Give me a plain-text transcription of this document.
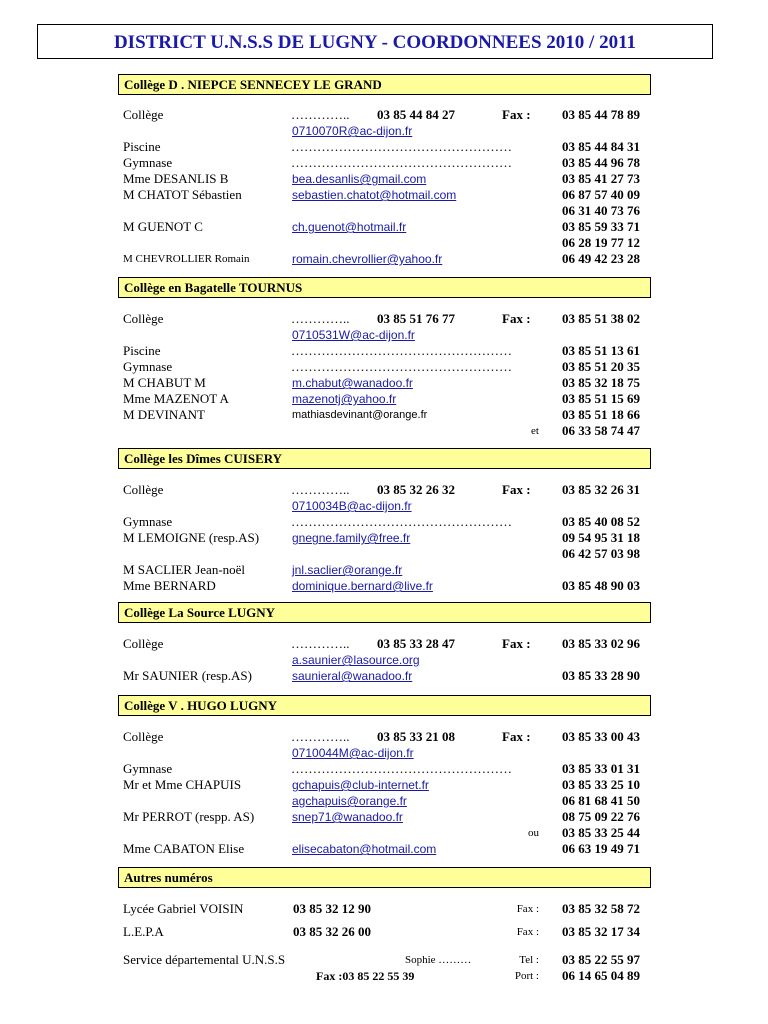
DISTRICT U.N.S.S DE LUGNY - COORDONNEES 2010 / 2011
Collège D . NIEPCE SENNECEY LE GRAND
Collège	………….. 03 85 44 84 27	Fax : 03 85 44 78 89
0710070R@ac-dijon.fr
Piscine	……………………………………………	03 85 44 84 31
Gymnase	……………………………………………	03 85 44 96 78
Mme DESANLIS B	bea.desanlis@gmail.com	03 85 41 27 73
M CHATOT Sébastien	sebastien.chatot@hotmail.com	06 87 57 40 09
06 31 40 73 76
M GUENOT C	ch.guenot@hotmail.fr	03 85 59 33 71
06 28 19 77 12
M CHEVROLLIER Romain	romain.chevrollier@yahoo.fr	06 49 42 23 28
Collège en Bagatelle TOURNUS
Collège	………….. 03 85 51 76 77	Fax : 03 85 51 38 02
0710531W@ac-dijon.fr
Piscine	……………………………………………	03 85 51 13 61
Gymnase	……………………………………………	03 85 51 20 35
M CHABUT M	m.chabut@wanadoo.fr	03 85 32 18 75
Mme MAZENOT A	mazenotj@yahoo.fr	03 85 51 15 69
M DEVINANT	mathiasdevinant@orange.fr	03 85 51 18 66
et 06 33 58 74 47
Collège les Dîmes CUISERY
Collège	………….. 03 85 32 26 32	Fax : 03 85 32 26 31
0710034B@ac-dijon.fr
Gymnase	……………………………………………	03 85 40 08 52
M LEMOIGNE (resp.AS)	gnegne.family@free.fr	09 54 95 31 18
06 42 57 03 98
M SACLIER Jean-noël	jnl.saclier@orange.fr
Mme BERNARD	dominique.bernard@live.fr	03 85 48 90 03
Collège La Source LUGNY
Collège	………….. 03 85 33 28 47	Fax : 03 85 33 02 96
a.saunier@lasource.org
Mr SAUNIER (resp.AS)	saunieral@wanadoo.fr	03 85 33 28 90
Collège V . HUGO LUGNY
Collège	………….. 03 85 33 21 08	Fax : 03 85 33 00 43
0710044M@ac-dijon.fr
Gymnase	……………………………………………	03 85 33 01 31
Mr et Mme CHAPUIS	gchapuis@club-internet.fr	03 85 33 25 10
agchapuis@orange.fr	06 81 68 41 50
Mr PERROT (respp. AS)	snep71@wanadoo.fr	08 75 09 22 76
ou 03 85 33 25 44
Mme CABATON Elise	elisecabaton@hotmail.com	06 63 19 49 71
Autres numéros
Lycée Gabriel VOISIN	03 85 32 12 90	Fax : 03 85 32 58 72
L.E.P.A	03 85 32 26 00	Fax : 03 85 32 17 34
Service départemental U.N.S.S	Sophie ………	Tel : 03 85 22 55 97
Fax :03 85 22 55 39	Port : 06 14 65 04 89
